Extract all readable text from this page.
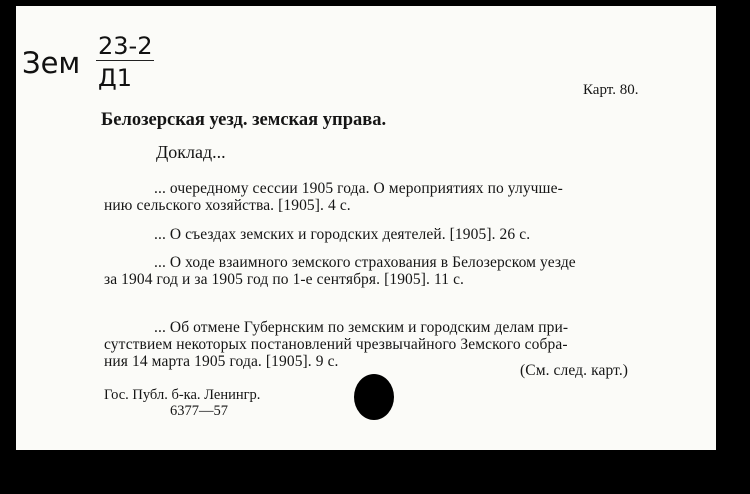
Зем 23-2
Д1	Карт. 80.
Белозерская уезд. земская управа.
Доклад...
... очередному сессии 1905 года. О мероприятиях по улучше-
нию сельского хозяйства. [1905]. 4 с.
... О съездах земских и городских деятелей. [1905]. 26 с.
... О ходе взаимного земского страхования в Белозерском уезде
за 1904 год и за 1905 год по 1-е сентября. [1905]. 11 с.
... Об отмене Губернским по земским и городским делам при-
сутствием некоторых постановлений чрезвычайного Земского собра-
ния 14 марта 1905 года. [1905]. 9 с.
(См. след. карт.)
Гос. Публ. б-ка. Ленингр.
6377—57
